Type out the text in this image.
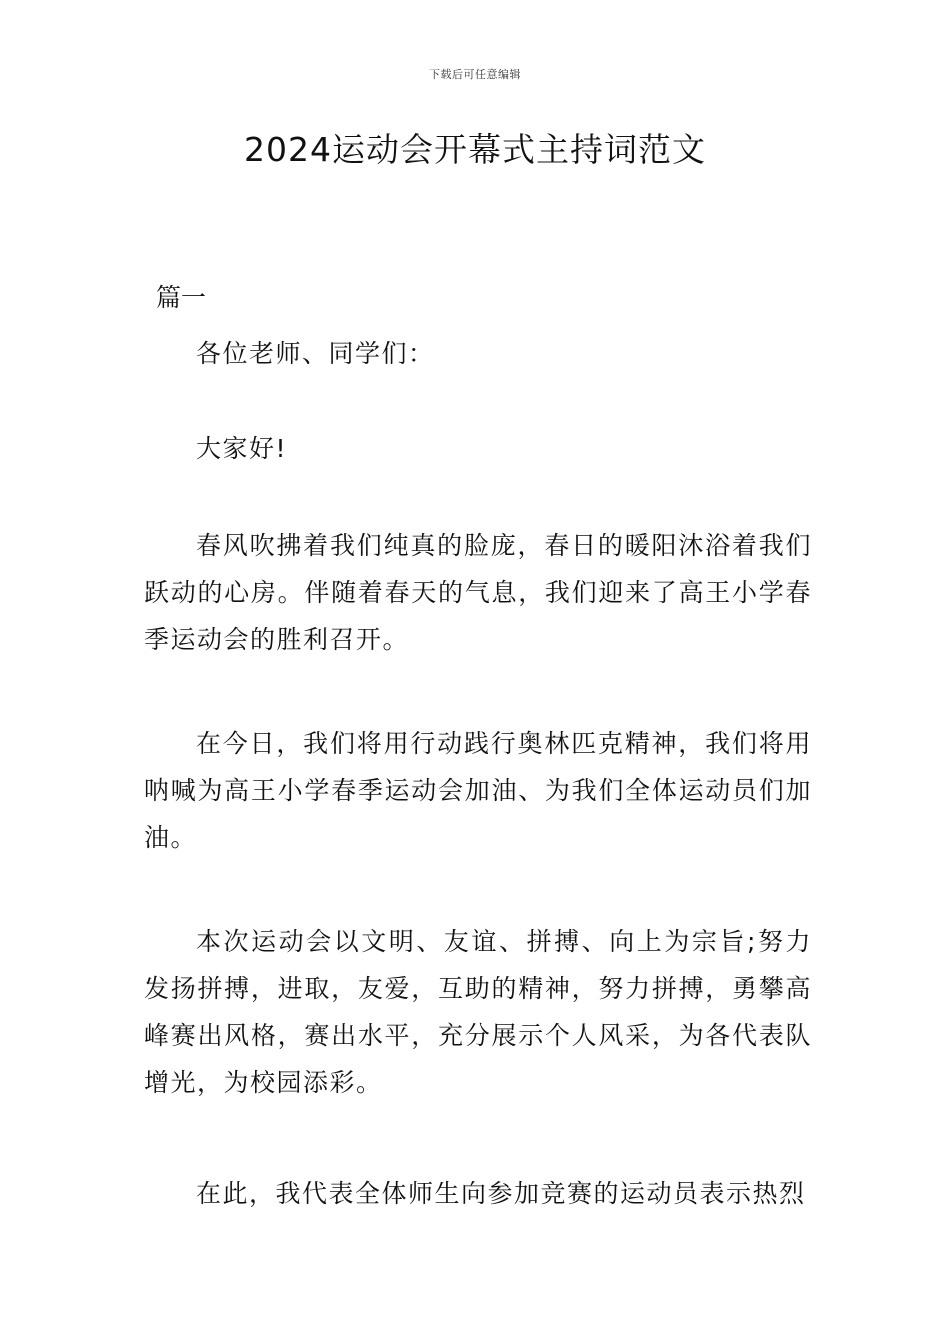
下载后可任意编辑
2024运动会开幕式主持词范文
篇一

各位老师、同学们：

大家好!

春风吹拂着我们纯真的脸庞，春日的暖阳沐浴着我们跃动的心房。伴随着春天的气息，我们迎来了高王小学春季运动会的胜利召开。

在今日，我们将用行动践行奥林匹克精神，我们将用呐喊为高王小学春季运动会加油、为我们全体运动员们加油。

本次运动会以文明、友谊、拼搏、向上为宗旨;努力发扬拼搏，进取，友爱，互助的精神，努力拼搏，勇攀高峰赛出风格，赛出水平，充分展示个人风采，为各代表队增光，为校园添彩。

在此，我代表全体师生向参加竞赛的运动员表示热烈
